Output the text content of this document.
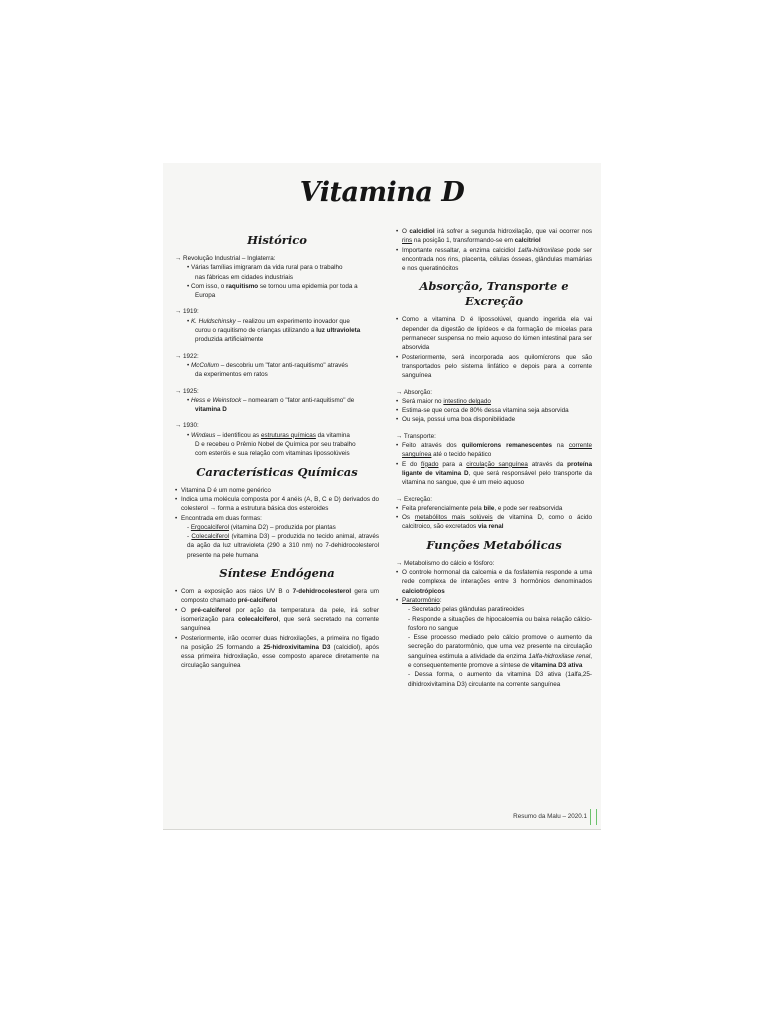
Vitamina D
Histórico

→ Revolução Industrial – Inglaterra:

• Várias famílias imigraram da vida rural para o trabalho

nas fábricas em cidades industriais

• Com isso, o raquitismo se tornou uma epidemia por toda a

Europa

→ 1919:

• K. Huldschinsky – realizou um experimento inovador que

curou o raquitismo de crianças utilizando a luz ultravioleta

produzida artificialmente

→ 1922:

• McCollum – descobriu um "fator anti-raquitismo" através

da experimentos em ratos

→ 1925:

• Hess e Weinstock – nomearam o "fator anti-raquitismo" de

vitamina D

→ 1930:

• Windaus – identificou as estruturas químicas da vitamina

D e recebeu o Prêmio Nobel de Química por seu trabalho

com esteróis e sua relação com vitaminas lipossolúveis

Características Químicas

• Vitamina D é um nome genérico

• Indica uma molécula composta por 4 anéis (A, B, C e D) derivados do colesterol → forma a estrutura básica dos esteroides

• Encontrada em duas formas:

- Ergocalciferol (vitamina D2) – produzida por plantas

- Colecalciferol (vitamina D3) – produzida no tecido animal, através da ação da luz ultravioleta (290 a 310 nm) no 7-dehidrocolesterol presente na pele humana

Síntese Endógena

• Com a exposição aos raios UV B o 7-dehidrocolesterol gera um composto chamado pré-calciferol

• O pré-calciferol por ação da temperatura da pele, irá sofrer isomerização para colecalciferol, que será secretado na corrente sanguínea

• Posteriormente, irão ocorrer duas hidroxilações, a primeira no fígado na posição 25 formando a 25-hidroxivitamina D3 (calcidiol), após essa primeira hidroxilação, esse composto aparece diretamente na circulação sanguínea

• O calcidiol irá sofrer a segunda hidroxilação, que vai ocorrer nos rins na posição 1, transformando-se em calcitriol

• Importante ressaltar, a enzima calcidiol 1alfa-hidroxilase pode ser encontrada nos rins, placenta, células ósseas, glândulas mamárias e nos queratinócitos

Absorção, Transporte e Excreção

• Como a vitamina D é lipossolúvel, quando ingerida ela vai depender da digestão de lipídeos e da formação de micelas para permanecer suspensa no meio aquoso do lúmen intestinal para ser absorvida

• Posteriormente, será incorporada aos quilomícrons que são transportados pelo sistema linfático e depois para a corrente sanguínea

→ Absorção:

• Será maior no intestino delgado

• Estima-se que cerca de 80% dessa vitamina seja absorvida

• Ou seja, possui uma boa disponibilidade

→ Transporte:

• Feito através dos quilomícrons remanescentes na corrente sanguínea até o tecido hepático

• E do fígado para a circulação sanguínea através da proteína ligante de vitamina D, que será responsável pelo transporte da vitamina no sangue, que é um meio aquoso

→ Excreção:

• Feita preferencialmente pela bile, e pode ser reabsorvida

• Os metabólitos mais solúveis de vitamina D, como o ácido calcitroico, são excretados via renal

Funções Metabólicas

→ Metabolismo do cálcio e fósforo:

• O controle hormonal da calcemia e da fosfatemia responde a uma rede complexa de interações entre 3 hormônios denominados calciotrópicos

• Paratormônio:

- Secretado pelas glândulas paratireoides

- Responde a situações de hipocalcemia ou baixa relação cálcio-fosforo no sangue

- Esse processo mediado pelo cálcio promove o aumento da secreção do paratormônio, que uma vez presente na circulação sanguínea estimula a atividade da enzima 1alfa-hidroxilase renal, e consequentemente promove a síntese de vitamina D3 ativa

- Dessa forma, o aumento da vitamina D3 ativa (1alfa,25-dihidroxivitamina D3) circulante na corrente sanguínea

Resumo da Malu – 2020.1
